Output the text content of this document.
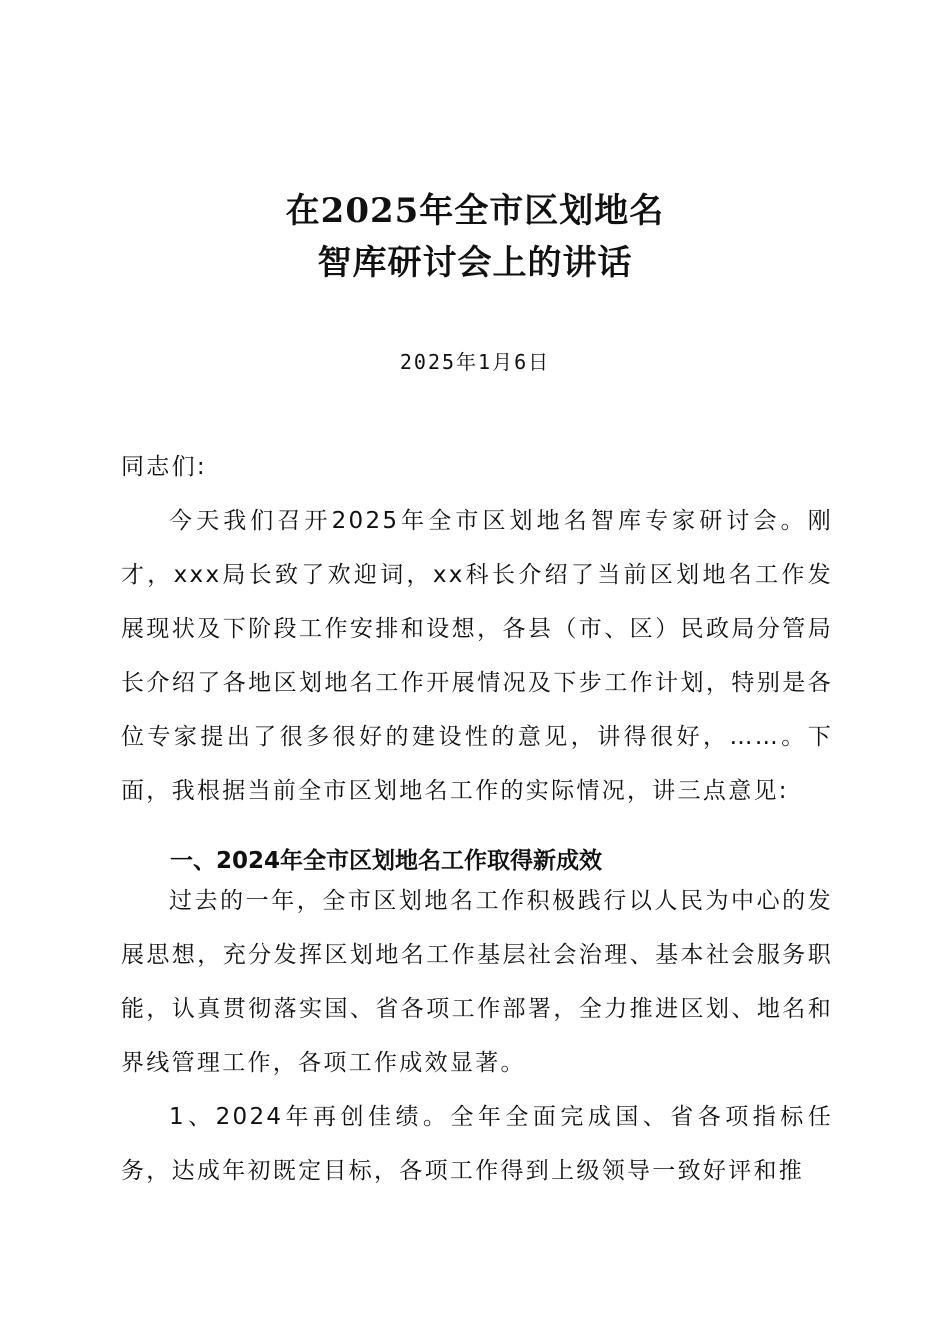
在2025年全市区划地名
智库研讨会上的讲话
2025年1月6日
同志们:
今天我们召开2025年全市区划地名智库专家研讨会。刚才，xxx局长致了欢迎词，xx科长介绍了当前区划地名工作发展现状及下阶段工作安排和设想，各县（市、区）民政局分管局长介绍了各地区划地名工作开展情况及下步工作计划，特别是各位专家提出了很多很好的建设性的意见，讲得很好，……。下面，我根据当前全市区划地名工作的实际情况，讲三点意见:
一、2024年全市区划地名工作取得新成效
过去的一年，全市区划地名工作积极践行以人民为中心的发展思想，充分发挥区划地名工作基层社会治理、基本社会服务职能，认真贯彻落实国、省各项工作部署，全力推进区划、地名和界线管理工作，各项工作成效显著。
1、2024年再创佳绩。全年全面完成国、省各项指标任务，达成年初既定目标，各项工作得到上级领导一致好评和推
